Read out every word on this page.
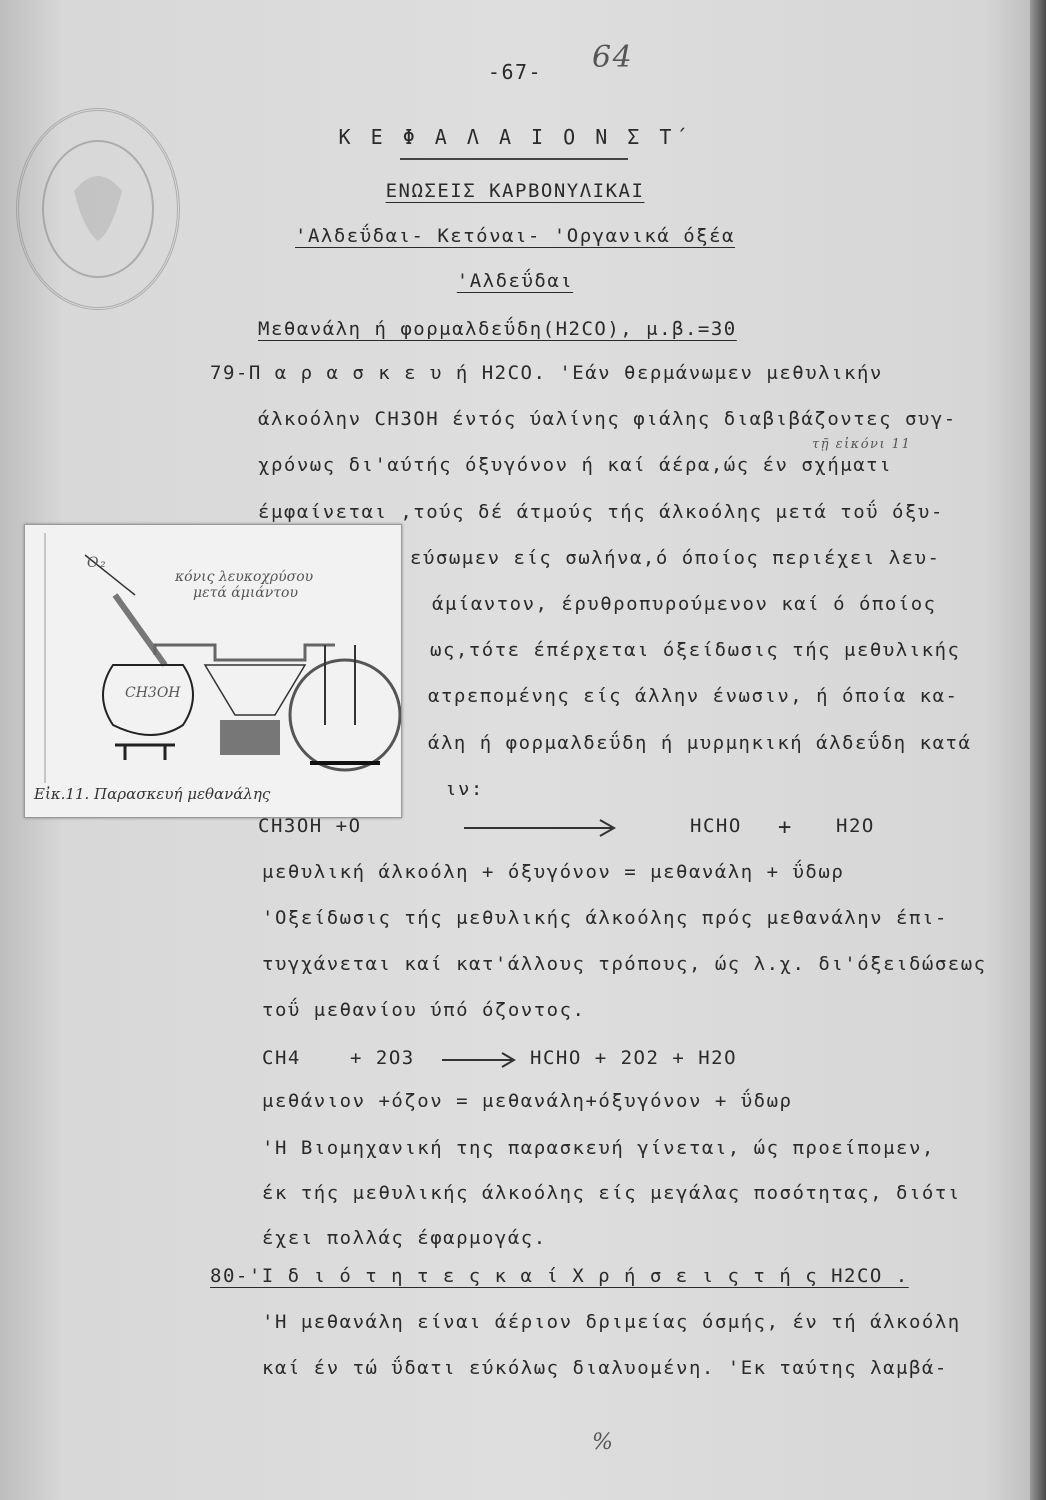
-67-	64
Κ Ε Φ Α Λ Α Ι Ο Ν Σ Τ΄
ΕΝΩΣΕΙΣ ΚΑΡΒΟΝΥΛΙΚΑΙ
'Αλδεΰδαι- Κετόναι- 'Οργανικά όξέα
'Αλδεΰδαι
Μεθανάλη ή φορμαλδεΰδη(H2CO), μ.β.=30
79-Π α ρ α σ κ ε υ ή H2CO. 'Εάν θερμάνωμεν μεθυλικήν
άλκοόλην CH3OH έντός ύαλίνης φιάλης διαβιβάζοντες συγ-
χρόνως δι'αύτής όξυγόνον ή καί άέρα,ώς έν σχήματι
έμφαίνεται ,τούς δέ άτμούς τής άλκοόλης μετά τοΰ όξυ-
εύσωμεν είς σωλήνα,ό όποίος περιέχει λευ-
άμίαντον, έρυθροπυρούμενον καί ό όποίος
ως,τότε έπέρχεται όξείδωσις τής μεθυλικής
ατρεπομένης είς άλλην ένωσιν, ή όποία κα-
άλη ή φορμαλδεΰδη ή μυρμηκική άλδεΰδη κατά
ιν:
τῇ εἰκόνι 11
O₂
κόνις λευκοχρύσου
μετά άμιάντου
CH3OH
Εἰκ.11. Παρασκευή μεθανάλης
CH3OH +O	HCHO + H2O
μεθυλική άλκοόλη + όξυγόνον = μεθανάλη + ΰδωρ
'Οξείδωσις τής μεθυλικής άλκοόλης πρός μεθανάλην έπι-
τυγχάνεται καί κατ'άλλους τρόπους, ώς λ.χ. δι'όξειδώσεως
τοΰ μεθανίου ύπό όζοντος.
CH4	+ 2O3	HCHO + 2O2 + H2O
μεθάνιον +όζον = μεθανάλη+όξυγόνον + ΰδωρ
'Η Βιομηχανική της παρασκευή γίνεται, ώς προείπομεν,
έκ τής μεθυλικής άλκοόλης είς μεγάλας ποσότητας, διότι
έχει πολλάς έφαρμογάς.
80-'Ι δ ι ό τ η τ ε ς κ α ί Χ ρ ή σ ε ι ς τ ή ς H2CO .
'Η μεθανάλη είναι άέριον δριμείας όσμής, έν τή άλκοόλη
καί έν τώ ΰδατι εύκόλως διαλυομένη. 'Εκ ταύτης λαμβά-
%
